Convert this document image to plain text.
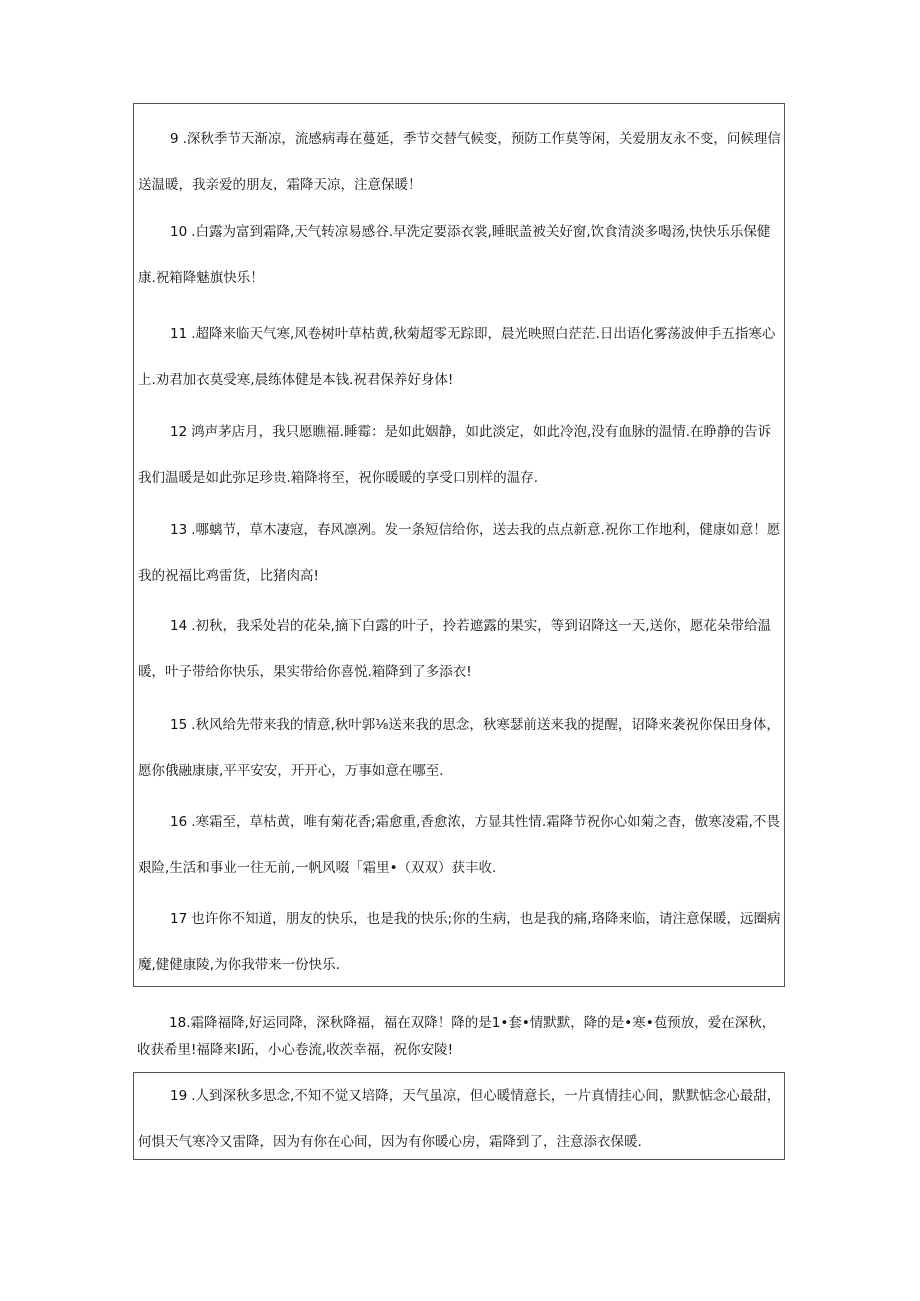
9 .深秋季节天渐凉，流感病毒在蔓延，季节交替气候变，预防工作莫等闲，关爱朋友永不变，问候理信送温暖，我亲爱的朋友，霜降天凉，注意保暖！
10 .白露为富到霜降,天气转凉易感谷.早洗定要添衣裳,睡眠盖被关好窗,饮食清淡多喝汤,快快乐乐保健康.祝箱降魅旗快乐！
11 .超降来临天气寒,风卷树叶草枯黄,秋菊超零无踪即，晨光映照白茫茫.日出语化雾荡波伸手五指寒心上.劝君加衣莫受寒,晨练体健是本钱.祝君保养好身体!
12 鸿声茅店月，我只愿瞧福.睡霉：是如此姻静，如此淡定，如此冷泡,没有血脉的温情.在睁静的告诉我们温暖是如此弥足珍贵.箱降将至，祝你暖暖的享受口别样的温存.
13 .哪螭节，草木凄寇，春风凛冽。发一条短信给你，送去我的点点新意.祝你工作地利，健康如意！愿我的祝福比鸡雷货，比猪肉高!
14 .初秋，我采处岩的花朵,摘下白露的叶子，拎若遮露的果实，等到诏降这一天,送你，愿花朵带给温暖，叶子带给你快乐，果实带给你喜悦.箱降到了多添衣!
15 .秋风给先带来我的情意,秋叶郭⅛送来我的思念，秋寒瑟前送来我的提醒，诏降来袭祝你保田身体，愿你俄融康康,平平安安，开开心，万事如意在哪至.
16 .寒霜至，草枯黄，唯有菊花香;霜愈重,香愈浓，方显其性情.霜降节祝你心如菊之杳，傲寒凌霜,不畏艰险,生活和事业一往无前,一帆风啜「霜里•（双双）获丰收.
17 也许你不知道，朋友的快乐，也是我的快乐;你的生病，也是我的痛,珞降来临，请注意保暖，远圈病魔,健健康陵,为你我带来一份快乐.
18.霜降福降,好运同降，深秋降福，福在双降！降的是1•套•情默默，降的是•寒•苞预放，爱在深秋，收获希里!福降来I跖，小心卷流,收茨幸福，祝你安陵!
19 .人到深秋多思念,不知不觉又培降，天气虽凉，但心暖情意长，一片真情挂心间，默默惦念心最甜，何惧天气寒冷又雷降，因为有你在心间，因为有你暖心房，霜降到了，注意添衣保暖.
